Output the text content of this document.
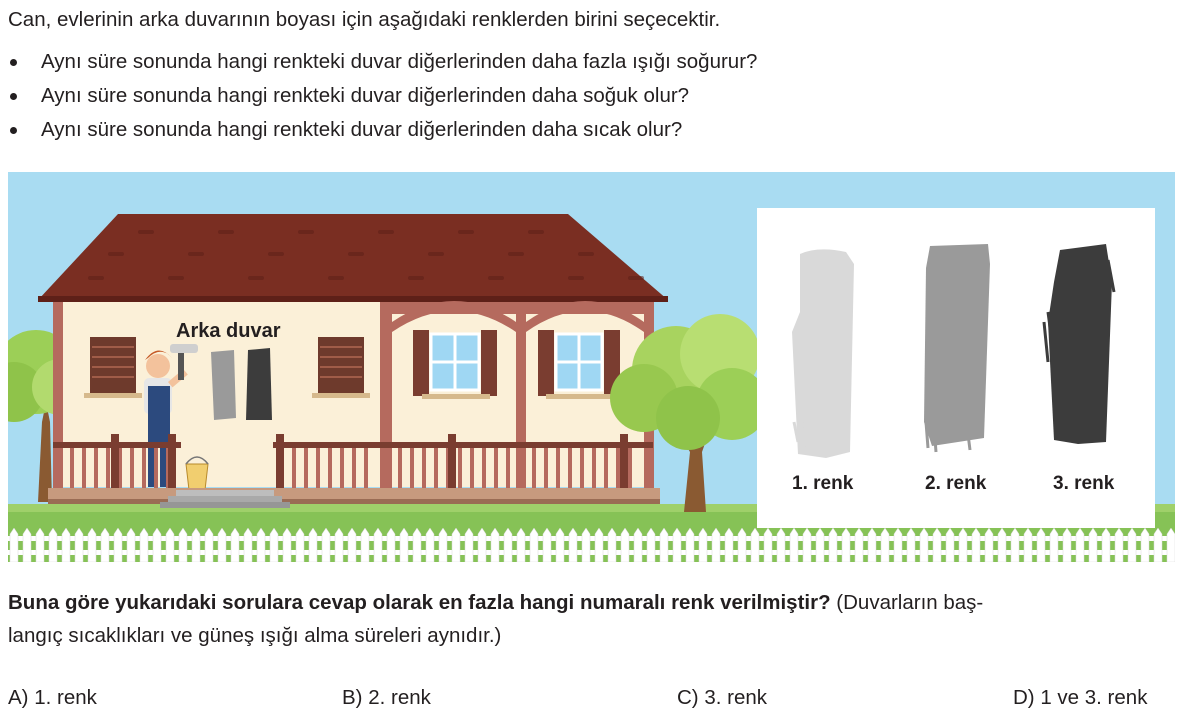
Can, evlerinin arka duvarının boyası için aşağıdaki renklerden birini seçecektir.
Aynı süre sonunda hangi renkteki duvar diğerlerinden daha fazla ışığı soğurur?
Aynı süre sonunda hangi renkteki duvar diğerlerinden daha soğuk olur?
Aynı süre sonunda hangi renkteki duvar diğerlerinden daha sıcak olur?
Arka duvar
1. renk	2. renk	3. renk
Buna göre yukarıdaki sorulara cevap olarak en fazla hangi numaralı renk verilmiştir? (Duvarların baş-
langıç sıcaklıkları ve güneş ışığı alma süreleri aynıdır.)
A) 1. renk	B) 2. renk	C) 3. renk	D) 1 ve 3. renk
